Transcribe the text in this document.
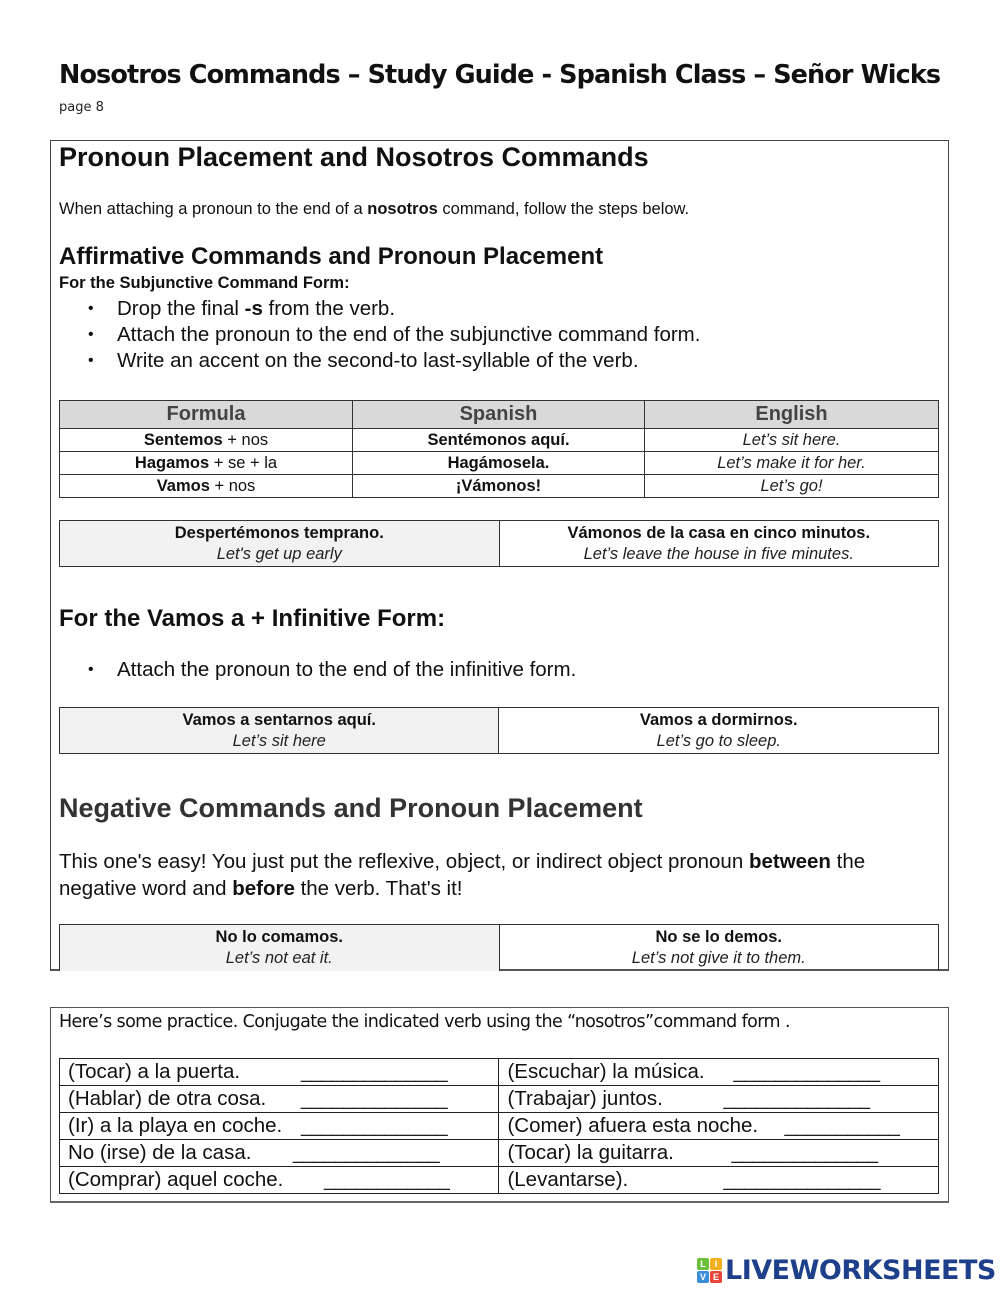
Nosotros Commands – Study Guide - Spanish Class – Señor Wicks
page 8
Pronoun Placement and Nosotros Commands
When attaching a pronoun to the end of a nosotros command, follow the steps below.
Affirmative Commands and Pronoun Placement
For the Subjunctive Command Form:
• Drop the final -s from the verb.
• Attach the pronoun to the end of the subjunctive command form.
• Write an accent on the second-to last-syllable of the verb.
Formula	Spanish	English
Sentemos + nos	Sentémonos aquí.	Let’s sit here.
Hagamos + se + la	Hagámosela.	Let’s make it for her.
Vamos + nos	¡Vámonos!	Let’s go!
Despertémonos temprano.
Let's get up early

Vámonos de la casa en cinco minutos.
Let’s leave the house in five minutes.
For the Vamos a + Infinitive Form:
• Attach the pronoun to the end of the infinitive form.
Vamos a sentarnos aquí.
Let’s sit here

Vamos a dormirnos.
Let’s go to sleep.
Negative Commands and Pronoun Placement
This one's easy! You just put the reflexive, object, or indirect object pronoun between the negative word and before the verb. That's it!
No lo comamos.
Let’s not eat it.

No se lo demos.
Let’s not give it to them.
Here’s some practice. Conjugate the indicated verb using the “nosotros”command form .
(Tocar) a la puerta. ______________	(Escuchar) la música. ______________
(Hablar) de otra cosa. ______________	(Trabajar) juntos. ______________
(Ir) a la playa en coche. ______________	(Comer) afuera esta noche. ___________
No (irse) de la casa. ______________	(Tocar) la guitarra. ______________
(Comprar) aquel coche. ____________	(Levantarse). _______________
L I
V E LIVEWORKSHEETS
